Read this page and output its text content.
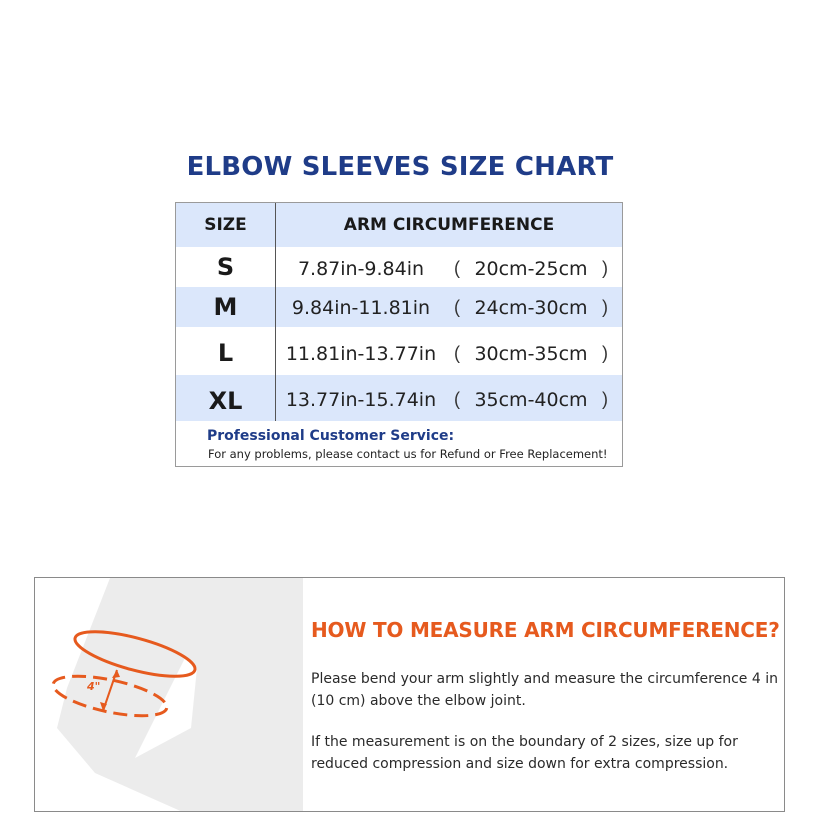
ELBOW SLEEVES SIZE CHART
SIZE	ARM CIRCUMFERENCE
S	7.87in-9.84in	( 20cm-25cm )
M	9.84in-11.81in	( 24cm-30cm )
L	11.81in-13.77in ( 30cm-35cm )
XL	13.77in-15.74in ( 35cm-40cm )
Professional Customer Service:
For any problems, please contact us for Refund or Free Replacement!
4"
HOW TO MEASURE ARM CIRCUMFERENCE?
Please bend your arm slightly and measure the circumference 4 in (10 cm) above the elbow joint.
If the measurement is on the boundary of 2 sizes, size up for reduced compression and size down for extra compression.
